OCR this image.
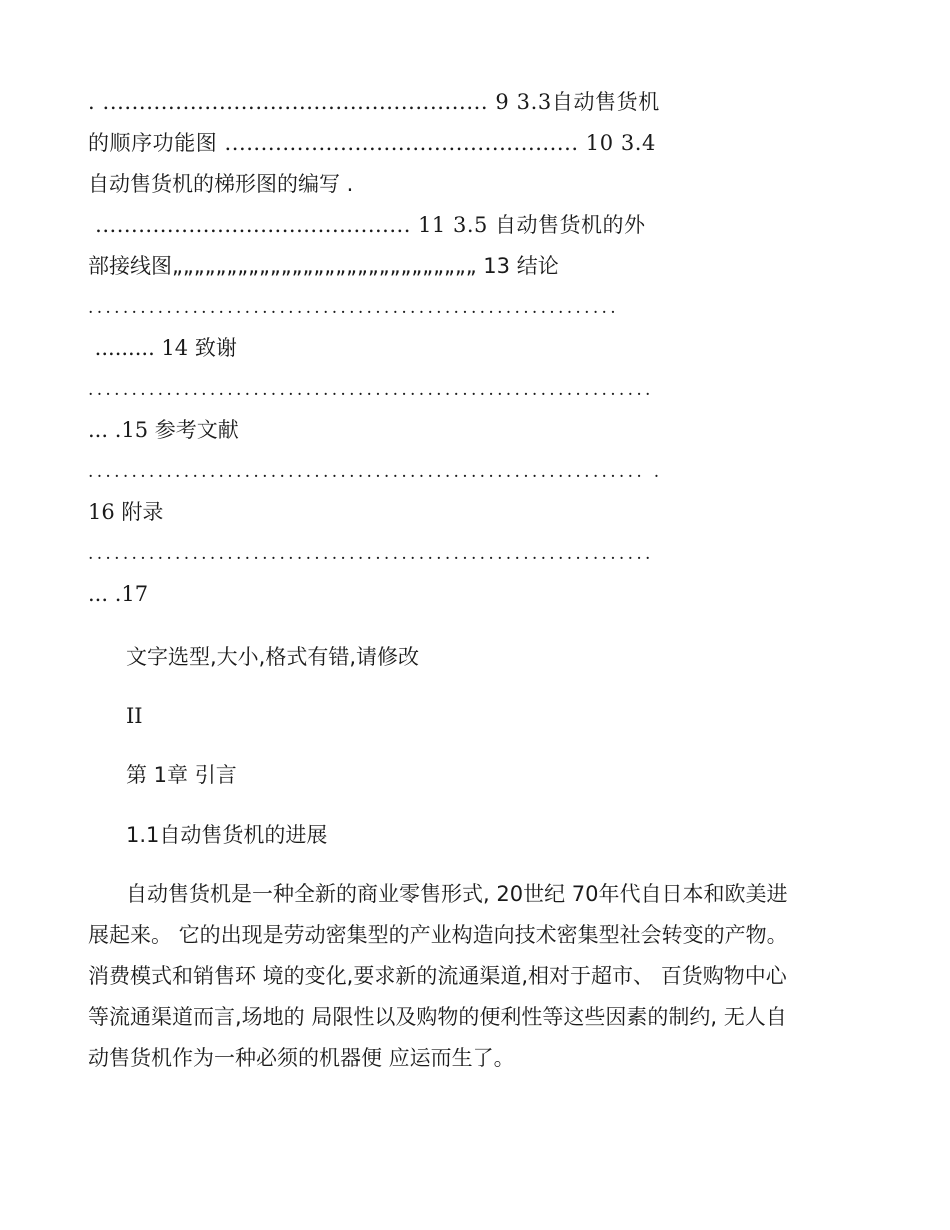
. ..................................................... 9 3.3自动售货机
的顺序功能图 ................................................. 10 3.4
自动售货机的梯形图的编写 .
............................................ 11 3.5 自动售货机的外
部接线图„„„„„„„„„„„„„„„„„„„„„„„„„„„„ 13 结论
.............................................................
......... 14 致谢
.................................................................
... .15 参考文献
................................................................ .
16 附录
.................................................................
... .17
文字选型,大小,格式有错,请修改
II
第 1章 引言
1.1自动售货机的进展
自动售货机是一种全新的商业零售形式, 20世纪 70年代自日本和欧美进
展起来。 它的出现是劳动密集型的产业构造向技术密集型社会转变的产物。
消费模式和销售环 境的变化,要求新的流通渠道,相对于超市、 百货购物中心
等流通渠道而言,场地的 局限性以及购物的便利性等这些因素的制约, 无人自
动售货机作为一种必须的机器便 应运而生了。
